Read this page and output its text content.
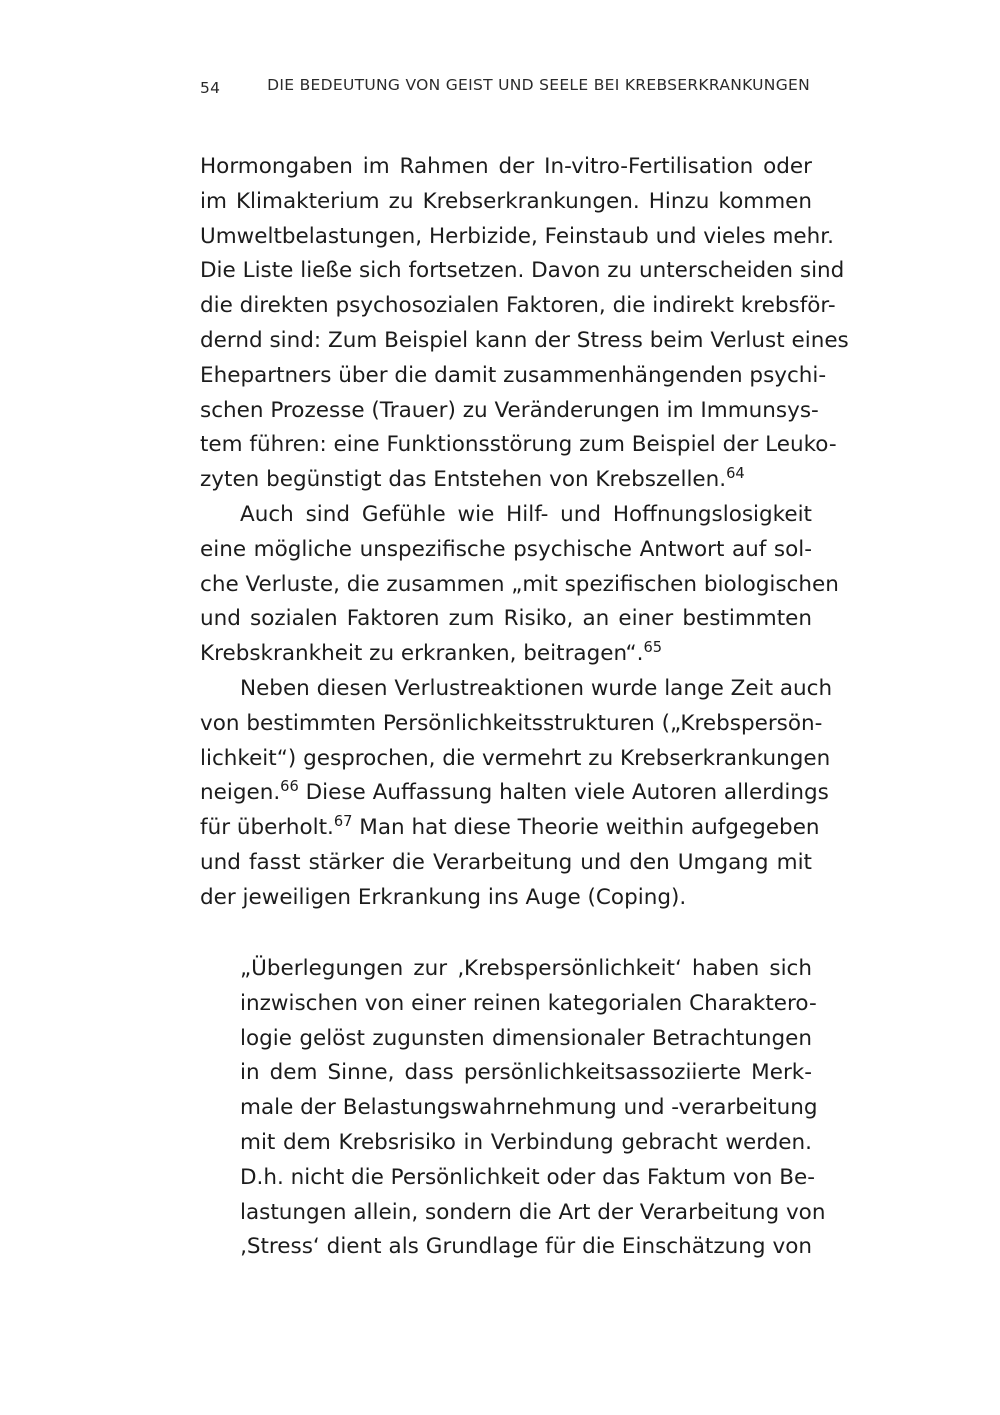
54	DIE BEDEUTUNG VON GEIST UND SEELE BEI KREBSERKRANKUNGEN
Hormongaben im Rahmen der In-vitro-Fertilisation oder
im Klimakterium zu Krebserkrankungen. Hinzu kommen
Umweltbelastungen, Herbizide, Feinstaub und vieles mehr.
Die Liste ließe sich fortsetzen. Davon zu unterscheiden sind
die direkten psychosozialen Faktoren, die indirekt krebsför-
dernd sind: Zum Beispiel kann der Stress beim Verlust eines
Ehepartners über die damit zusammenhängenden psychi-
schen Prozesse (Trauer) zu Veränderungen im Immunsys-
tem führen: eine Funktionsstörung zum Beispiel der Leuko-
zyten begünstigt das Entstehen von Krebszellen.$^{64}$
Auch sind Gefühle wie Hilf- und Hoffnungslosigkeit
eine mögliche unspezifische psychische Antwort auf sol-
che Verluste, die zusammen „mit spezifischen biologischen
und sozialen Faktoren zum Risiko, an einer bestimmten
Krebskrankheit zu erkranken, beitragen“.$^{65}$
Neben diesen Verlustreaktionen wurde lange Zeit auch
von bestimmten Persönlichkeitsstrukturen („Krebspersön-
lichkeit“) gesprochen, die vermehrt zu Krebserkrankungen
neigen.$^{66}$ Diese Auffassung halten viele Autoren allerdings
für überholt.$^{67}$ Man hat diese Theorie weithin aufgegeben
und fasst stärker die Verarbeitung und den Umgang mit
der jeweiligen Erkrankung ins Auge (Coping).
„Überlegungen zur ‚Krebspersönlichkeit‘ haben sich
inzwischen von einer reinen kategorialen Charaktero-
logie gelöst zugunsten dimensionaler Betrachtungen
in dem Sinne, dass persönlichkeitsassoziierte Merk-
male der Belastungswahrnehmung und -verarbeitung
mit dem Krebsrisiko in Verbindung gebracht werden.
D.h. nicht die Persönlichkeit oder das Faktum von Be-
lastungen allein, sondern die Art der Verarbeitung von
‚Stress‘ dient als Grundlage für die Einschätzung von
